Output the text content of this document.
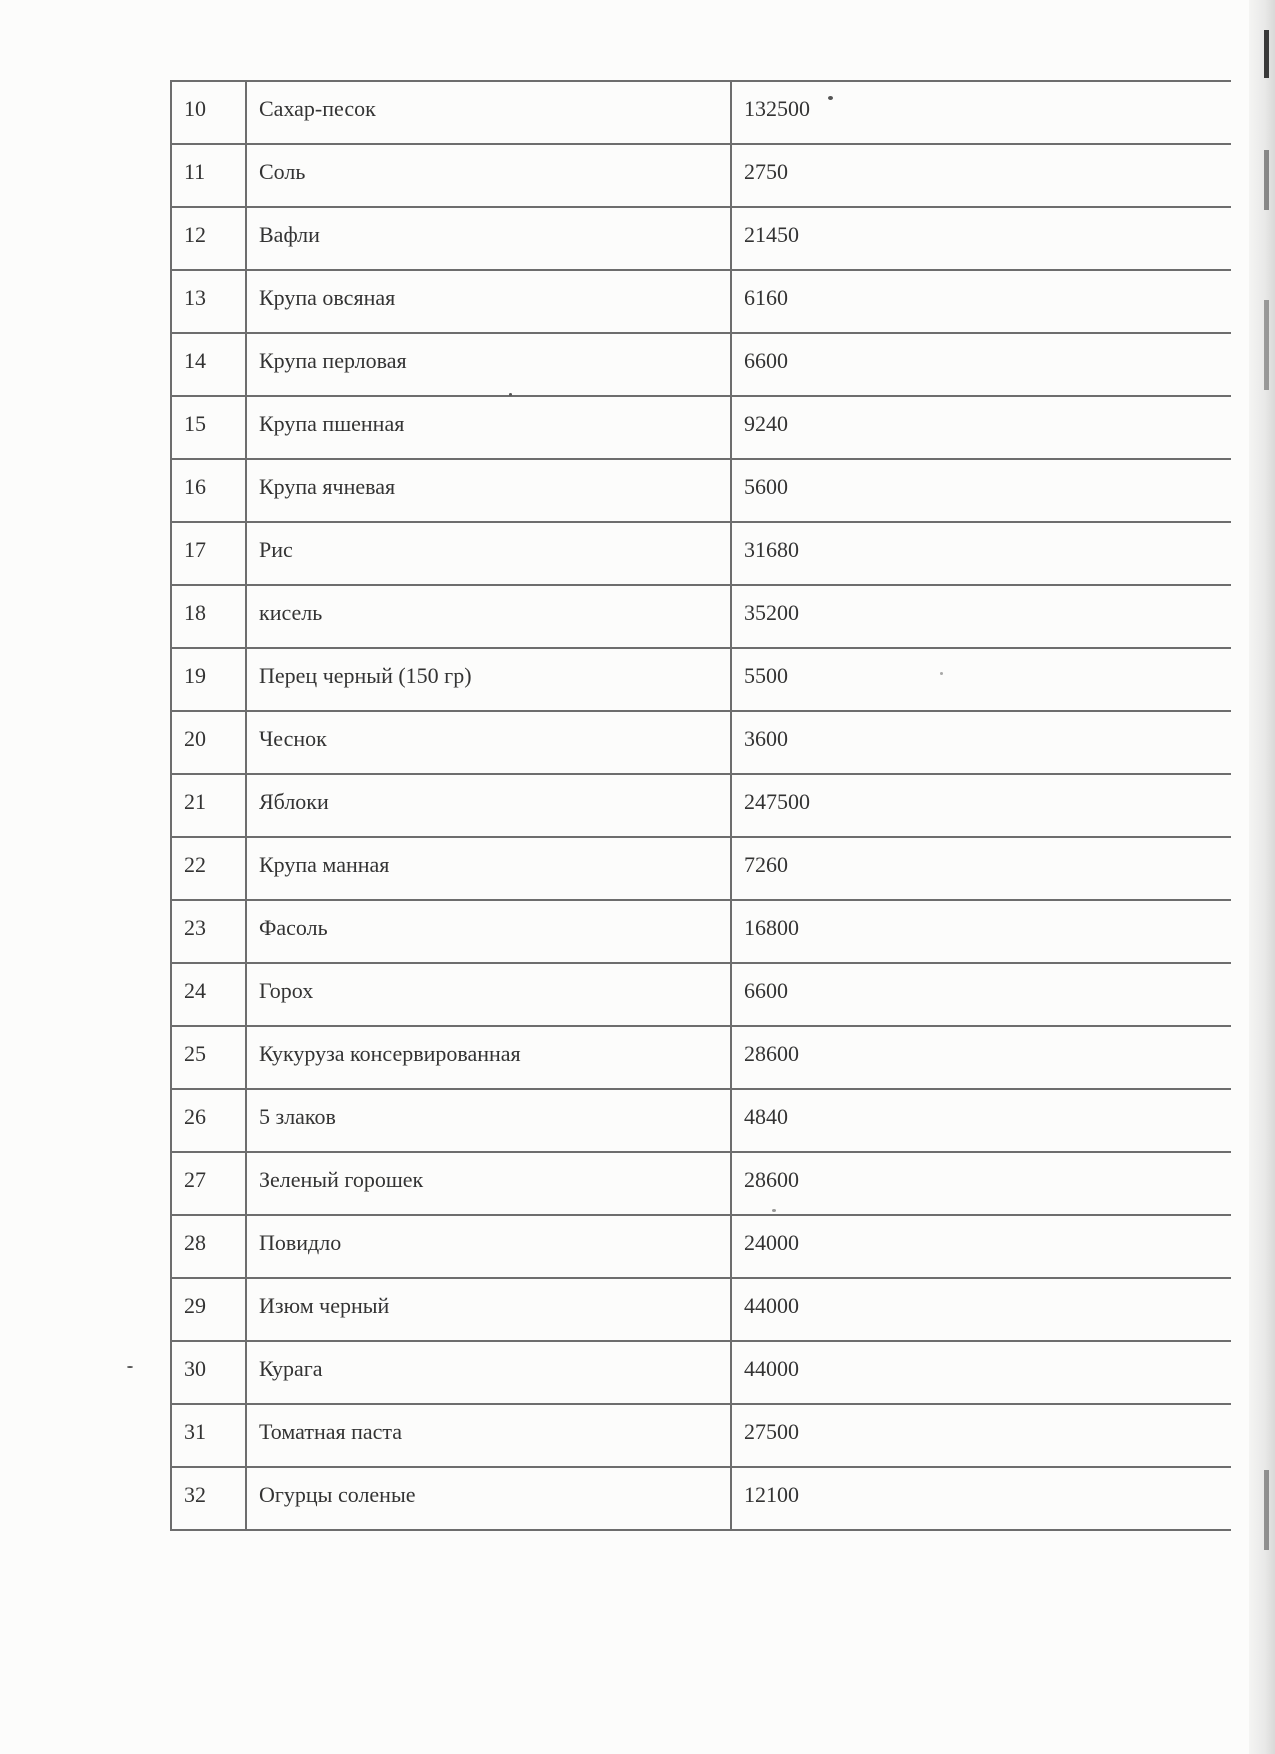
10	Сахар-песок	132500
11	Соль	2750
12	Вафли	21450
13	Крупа овсяная	6160
14	Крупа перловая	6600
15	Крупа пшенная	9240
16	Крупа ячневая	5600
17	Рис	31680
18	кисель	35200
19	Перец черный (150 гр)	5500
20	Чеснок	3600
21	Яблоки	247500
22	Крупа манная	7260
23	Фасоль	16800
24	Горох	6600
25	Кукуруза консервированная	28600
26	5 злаков	4840
27	Зеленый горошек	28600
28	Повидло	24000
29	Изюм черный	44000
30	Курага	44000
31	Томатная паста	27500
32	Огурцы соленые	12100
